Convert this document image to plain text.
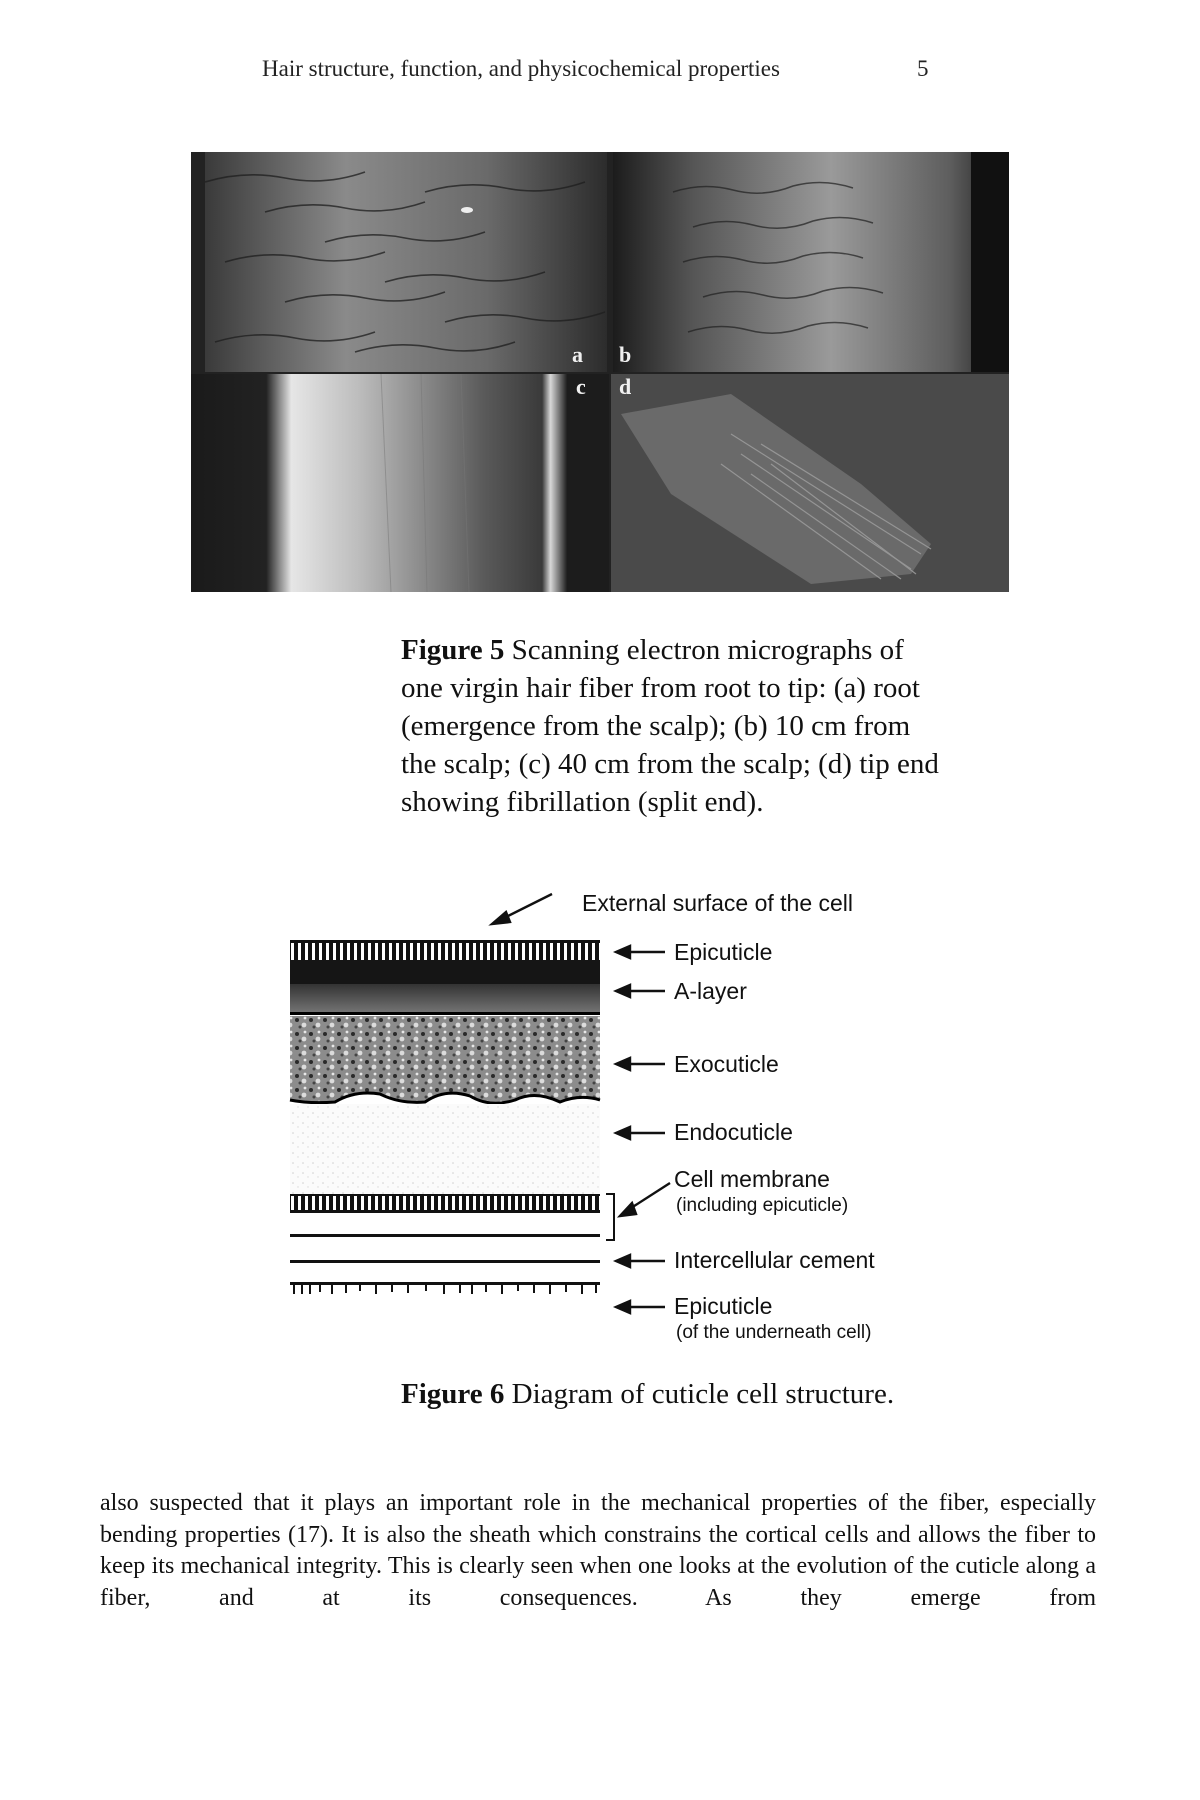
Hair structure, function, and physicochemical properties	5
a b
c d
Figure 5 Scanning electron micrographs of one virgin hair fiber from root to tip: (a) root (emergence from the scalp); (b) 10 cm from the scalp; (c) 40 cm from the scalp; (d) tip end showing fibrillation (split end).
External surface of the cell
Epicuticle
A-layer
Exocuticle
Endocuticle
Cell membrane
(including epicuticle)
Intercellular cement
Epicuticle
(of the underneath cell)
Figure 6 Diagram of cuticle cell structure.

also suspected that it plays an important role in the mechanical properties of the fiber, especially bending properties (17). It is also the sheath which constrains the cortical cells and allows the fiber to keep its mechanical integrity. This is clearly seen when one looks at the evolution of the cuticle along a fiber, and at its consequences. As they emerge from
